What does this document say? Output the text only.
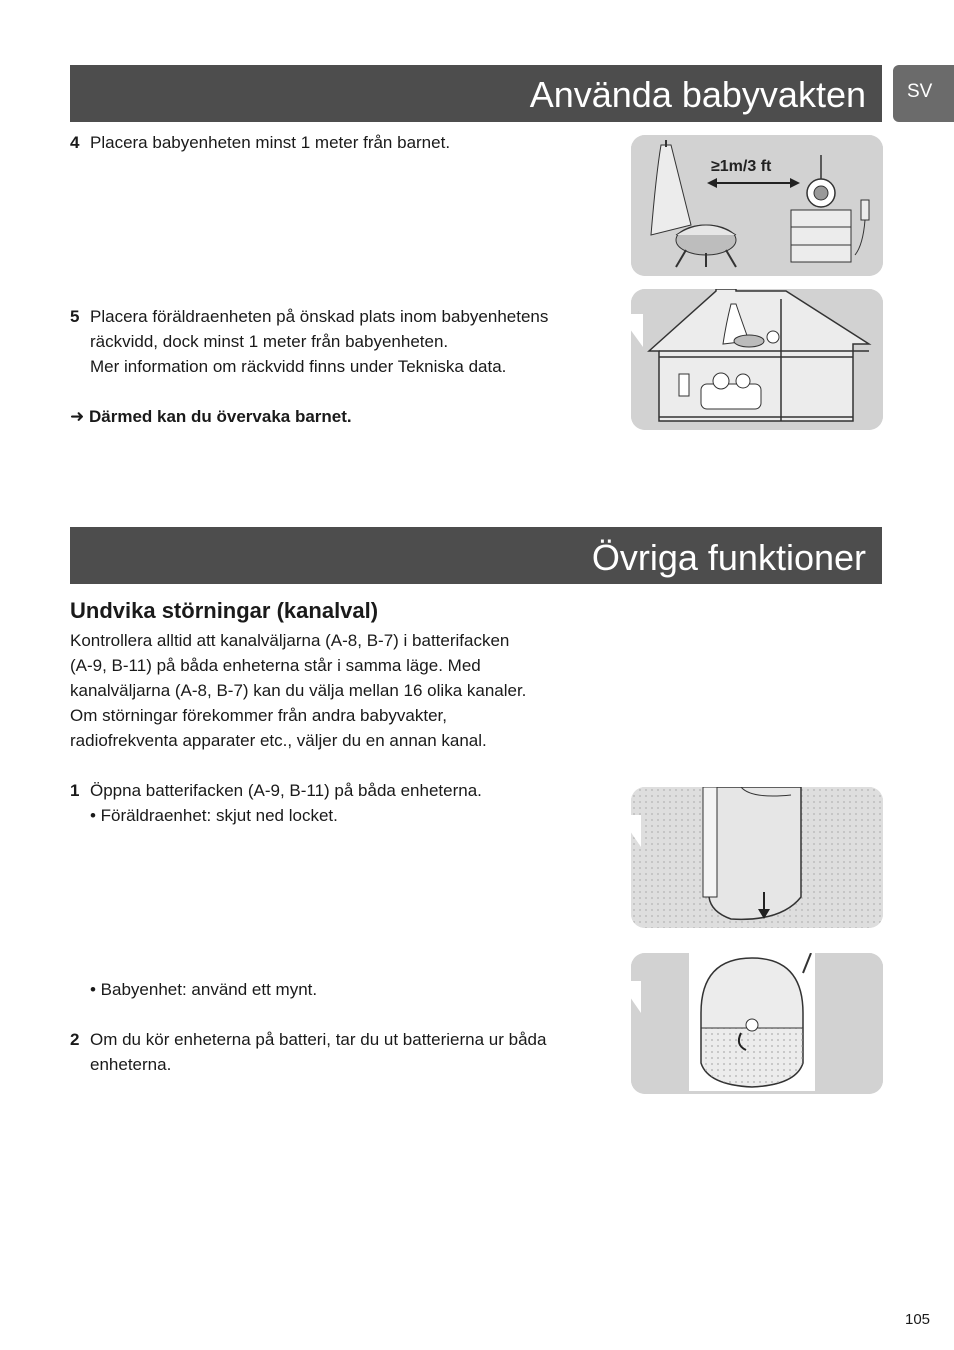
Använda babyvakten	SV
4 Placera babyenheten minst 1 meter från barnet.
≥1m/3 ft
5 Placera föräldraenheten på önskad plats inom babyenhetens
räckvidd, dock minst 1 meter från babyenheten.
Mer information om räckvidd finns under Tekniska data.
➜ Därmed kan du övervaka barnet.
Övriga funktioner
Undvika störningar (kanalval)
Kontrollera alltid att kanalväljarna (A-8, B-7) i batterifacken
(A-9, B-11) på båda enheterna står i samma läge. Med
kanalväljarna (A-8, B-7) kan du välja mellan 16 olika kanaler.
Om störningar förekommer från andra babyvakter,
radiofrekventa apparater etc., väljer du en annan kanal.
1 Öppna batterifacken (A-9, B-11) på båda enheterna.
• Föräldraenhet: skjut ned locket.
• Babyenhet: använd ett mynt.
2 Om du kör enheterna på batteri, tar du ut batterierna ur båda
enheterna.
105
